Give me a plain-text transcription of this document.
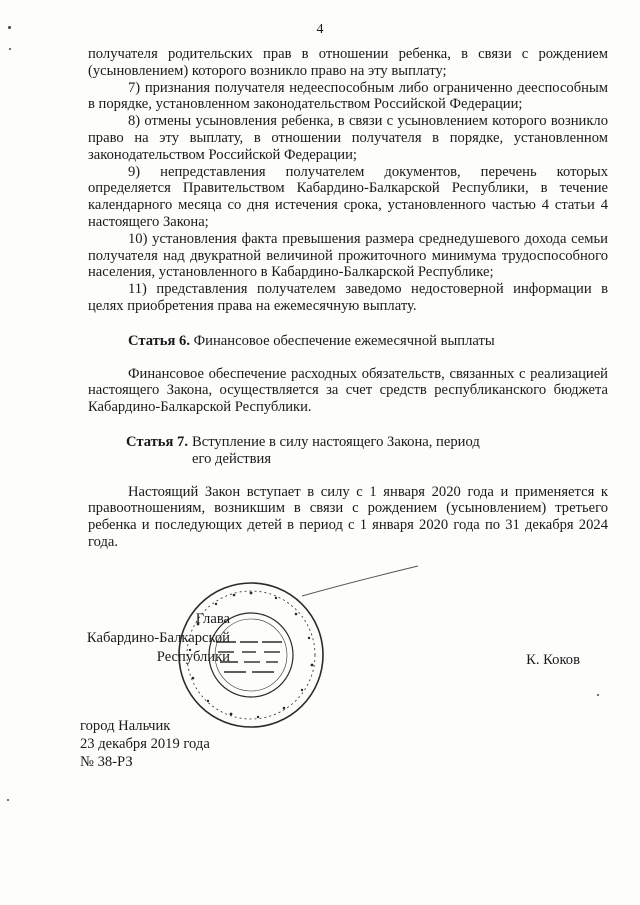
4

получателя родительских прав в отношении ребенка, в связи с рождением (усыновлением) которого возникло право на эту выплату;

7) признания получателя недееспособным либо ограниченно дееспособным в порядке, установленном законодательством Российской Федерации;

8) отмены усыновления ребенка, в связи с усыновлением которого возникло право на эту выплату, в отношении получателя в порядке, установленном законодательством Российской Федерации;

9) непредставления получателем документов, перечень которых определяется Правительством Кабардино-Балкарской Республики, в течение календарного месяца со дня истечения срока, установленного частью 4 статьи 4 настоящего Закона;

10) установления факта превышения размера среднедушевого дохода семьи получателя над двукратной величиной прожиточного минимума трудоспособного населения, установленного в Кабардино-Балкарской Республике;

11) представления получателем заведомо недостоверной информации в целях приобретения права на ежемесячную выплату.

Статья 6. Финансовое обеспечение ежемесячной выплаты

Финансовое обеспечение расходных обязательств, связанных с реализацией настоящего Закона, осуществляется за счет средств республиканского бюджета Кабардино-Балкарской Республики.

Статья 7. Вступление в силу настоящего Закона, период
его действия

Настоящий Закон вступает в силу с 1 января 2020 года и применяется к правоотношениям, возникшим в связи с рождением (усыновлением) третьего ребенка и последующих детей в период с 1 января 2020 года по 31 декабря 2024 года.

Глава
Кабардино-Балкарской
Республики	К. Коков
город Нальчик
23 декабря 2019 года
№ 38-РЗ
